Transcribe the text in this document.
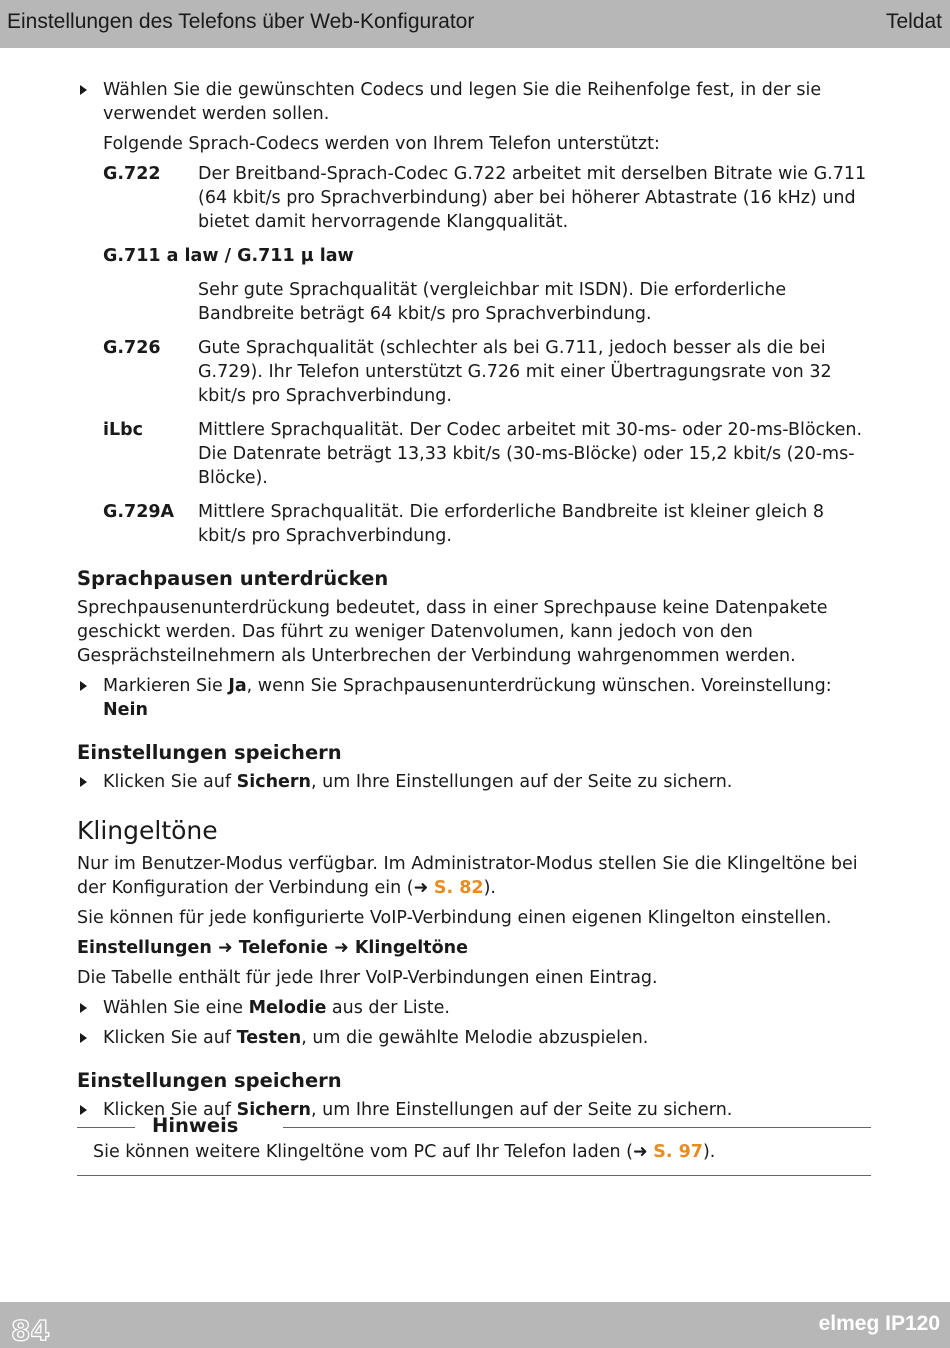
Einstellungen des Telefons über Web-Konfigurator	Teldat
Wählen Sie die gewünschten Codecs und legen Sie die Reihenfolge fest, in der sie verwendet werden sollen.
Folgende Sprach-Codecs werden von Ihrem Telefon unterstützt:
G.722	Der Breitband-Sprach-Codec G.722 arbeitet mit derselben Bitrate wie G.711 (64 kbit/s pro Sprachverbindung) aber bei höherer Abtastrate (16 kHz) und bietet damit hervorragende Klangqualität.
G.711 a law / G.711 µ law
Sehr gute Sprachqualität (vergleichbar mit ISDN). Die erforderliche Bandbreite beträgt 64 kbit/s pro Sprachverbindung.
G.726	Gute Sprachqualität (schlechter als bei G.711, jedoch besser als die bei G.729). Ihr Telefon unterstützt G.726 mit einer Übertragungsrate von 32 kbit/s pro Sprachverbindung.
iLbc	Mittlere Sprachqualität. Der Codec arbeitet mit 30-ms- oder 20-ms-Blöcken. Die Datenrate beträgt 13,33 kbit/s (30-ms-Blöcke) oder 15,2 kbit/s (20-ms-Blöcke).
G.729A	Mittlere Sprachqualität. Die erforderliche Bandbreite ist kleiner gleich 8 kbit/s pro Sprachverbindung.
Sprachpausen unterdrücken
Sprechpausenunterdrückung bedeutet, dass in einer Sprechpause keine Datenpakete geschickt werden. Das führt zu weniger Datenvolumen, kann jedoch von den Gesprächsteilnehmern als Unterbrechen der Verbindung wahrgenommen werden.
Markieren Sie Ja, wenn Sie Sprachpausenunterdrückung wünschen. Voreinstellung: Nein
Einstellungen speichern
Klicken Sie auf Sichern, um Ihre Einstellungen auf der Seite zu sichern.
Klingeltöne
Nur im Benutzer-Modus verfügbar. Im Administrator-Modus stellen Sie die Klingeltöne bei der Konfiguration der Verbindung ein (➜ S. 82).
Sie können für jede konfigurierte VoIP-Verbindung einen eigenen Klingelton einstellen.
Einstellungen ➜ Telefonie ➜ Klingeltöne
Die Tabelle enthält für jede Ihrer VoIP-Verbindungen einen Eintrag.
Wählen Sie eine Melodie aus der Liste.
Klicken Sie auf Testen, um die gewählte Melodie abzuspielen.
Einstellungen speichern
Klicken Sie auf Sichern, um Ihre Einstellungen auf der Seite zu sichern.
Hinweis
Sie können weitere Klingeltöne vom PC auf Ihr Telefon laden (➜ S. 97).
84	elmeg IP120
